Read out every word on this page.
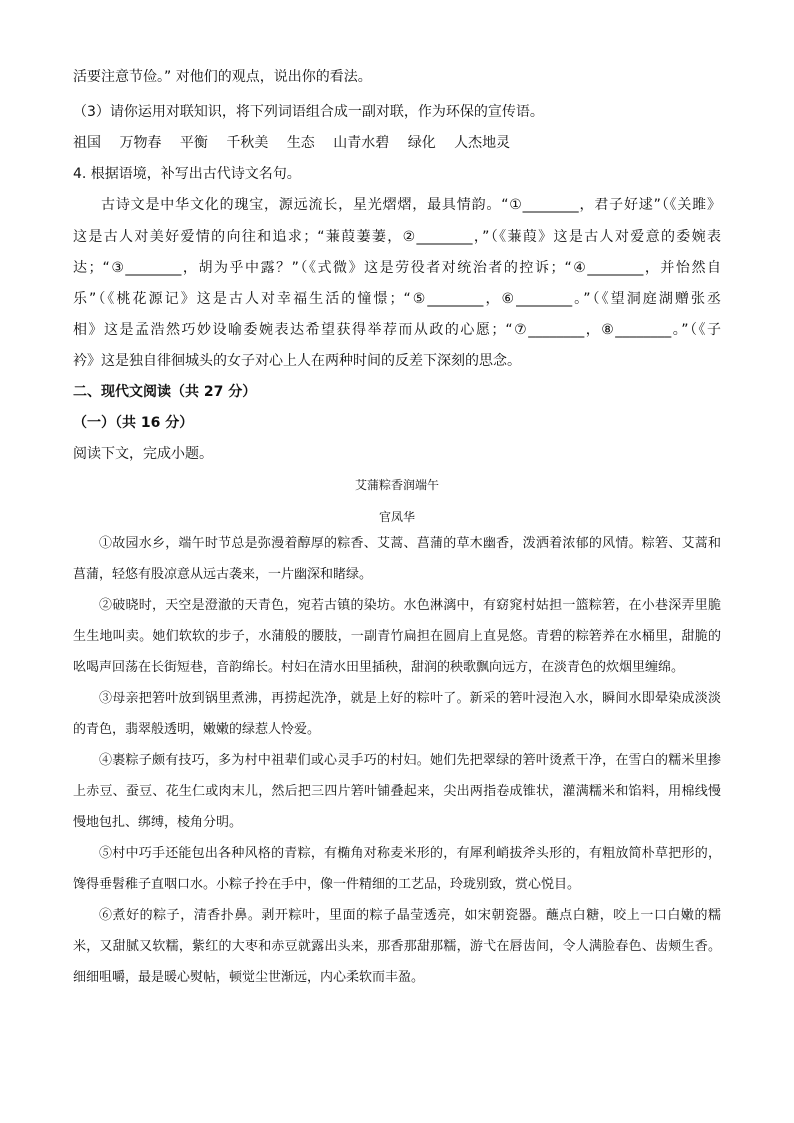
活要注意节俭。” 对他们的观点，说出你的看法。
（3）请你运用对联知识，将下列词语组合成一副对联，作为环保的宣传语。
祖国 万物春 平衡 千秋美 生态 山青水碧 绿化 人杰地灵
4. 根据语境，补写出古代诗文名句。
古诗文是中华文化的瑰宝，源远流长，星光熠熠，最具情韵。“①________，君子好逑”（《关雎》
这是古人对美好爱情的向往和追求；“蒹葭萋萋，②________，”（《蒹葭》这是古人对爱意的委婉表
达；“③________，胡为乎中露？”（《式微》这是劳役者对统治者的控诉；“④________，并怡然自
乐”（《桃花源记》这是古人对幸福生活的憧憬；“⑤________，⑥________。”（《望洞庭湖赠张丞
相》这是孟浩然巧妙设喻委婉表达希望获得举荐而从政的心愿；“⑦________，⑧________。”（《子
衿》这是独自徘徊城头的女子对心上人在两种时间的反差下深刻的思念。
二、现代文阅读（共 27 分）
（一）（共 16 分）
阅读下文，完成小题。
艾蒲粽香润端午
官凤华

①故园水乡，端午时节总是弥漫着醇厚的粽香、艾蒿、菖蒲的草木幽香，泼洒着浓郁的风情。粽箬、艾蒿和菖蒲，轻悠有股凉意从远古袭来，一片幽深和睹绿。

②破晓时，天空是澄澈的天青色，宛若古镇的染坊。水色淋漓中，有窈窕村姑担一篮粽箬，在小巷深弄里脆生生地叫卖。她们软软的步子，水蒲般的腰肢，一副青竹扁担在圆肩上直晃悠。青碧的粽箬养在水桶里，甜脆的吆喝声回荡在长街短巷，音韵绵长。村妇在清水田里插秧，甜润的秧歌飘向远方，在淡青色的炊烟里缠绵。

③母亲把箬叶放到锅里煮沸，再捞起洗净，就是上好的粽叶了。新采的箬叶浸泡入水，瞬间水即晕染成淡淡的青色，翡翠般透明，嫩嫩的绿惹人怜爱。

④裹粽子颇有技巧，多为村中祖辈们或心灵手巧的村妇。她们先把翠绿的箬叶烫煮干净，在雪白的糯米里掺上赤豆、蚕豆、花生仁或肉末儿，然后把三四片箬叶铺叠起来，尖出两指卷成锥状，灌满糯米和馅料，用棉线慢慢地包扎、绑缚，棱角分明。

⑤村中巧手还能包出各种风格的青粽，有椭角对称麦米形的，有犀利峭拔斧头形的，有粗放简朴草把形的，馋得垂髫稚子直咽口水。小粽子拎在手中，像一件精细的工艺品，玲珑别致，赏心悦目。

⑥煮好的粽子，清香扑鼻。剥开粽叶，里面的粽子晶莹透亮，如宋朝瓷器。蘸点白糖，咬上一口白嫩的糯米，又甜腻又软糯，紫红的大枣和赤豆就露出头来，那香那甜那糯，游弋在唇齿间，令人满脸春色、齿颊生香。细细咀嚼，最是暖心熨帖，顿觉尘世渐远，内心柔软而丰盈。
